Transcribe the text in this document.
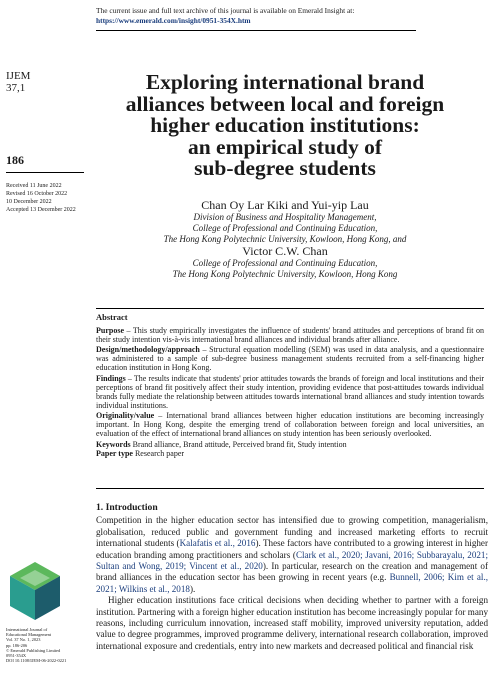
The current issue and full text archive of this journal is available on Emerald Insight at:
https://www.emerald.com/insight/0951-354X.htm
IJEM
37,1
186
Received 11 June 2022
Revised 16 October 2022
10 December 2022
Accepted 13 December 2022
Exploring international brand
alliances between local and foreign
higher education institutions:
an empirical study of
sub-degree students
Chan Oy Lar Kiki and Yui-yip Lau
Division of Business and Hospitality Management,
College of Professional and Continuing Education,
The Hong Kong Polytechnic University, Kowloon, Hong Kong, and
Victor C.W. Chan
College of Professional and Continuing Education,
The Hong Kong Polytechnic University, Kowloon, Hong Kong
Abstract
Purpose – This study empirically investigates the influence of students' brand attitudes and perceptions of brand fit on their study intention vis-à-vis international brand alliances and individual brands after alliance.
Design/methodology/approach – Structural equation modelling (SEM) was used in data analysis, and a questionnaire was administered to a sample of sub-degree business management students recruited from a self-financing higher education institution in Hong Kong.
Findings – The results indicate that students' prior attitudes towards the brands of foreign and local institutions and their perceptions of brand fit positively affect their study intention, providing evidence that post-attitudes towards individual brands fully mediate the relationship between attitudes towards international brand alliances and study intention towards individual institutions.
Originality/value – International brand alliances between higher education institutions are becoming increasingly important. In Hong Kong, despite the emerging trend of collaboration between foreign and local universities, an evaluation of the effect of international brand alliances on study intention has been seriously overlooked.
Keywords Brand alliance, Brand attitude, Perceived brand fit, Study intention
Paper type Research paper
1. Introduction

Competition in the higher education sector has intensified due to growing competition, managerialism, globalisation, reduced public and government funding and increased marketing efforts to recruit international students (Kalafatis et al., 2016). These factors have contributed to a growing interest in higher education branding among practitioners and scholars (Clark et al., 2020; Javani, 2016; Subbarayalu, 2021; Sultan and Wong, 2019; Vincent et al., 2020). In particular, research on the creation and management of brand alliances in the education sector has been growing in recent years (e.g. Bunnell, 2006; Kim et al., 2021; Wilkins et al., 2018).

Higher education institutions face critical decisions when deciding whether to partner with a foreign institution. Partnering with a foreign higher education institution has become increasingly popular for many reasons, including curriculum innovation, increased staff mobility, improved university reputation, added value to degree programmes, improved programme delivery, international research collaboration, improved international exposure and credentials, entry into new markets and decreased political and financial risk

International Journal of
Educational Management
Vol. 37 No. 1, 2023
pp. 186-206
© Emerald Publishing Limited
0951-354X
DOI 10.1108/IJEM-06-2022-0221
